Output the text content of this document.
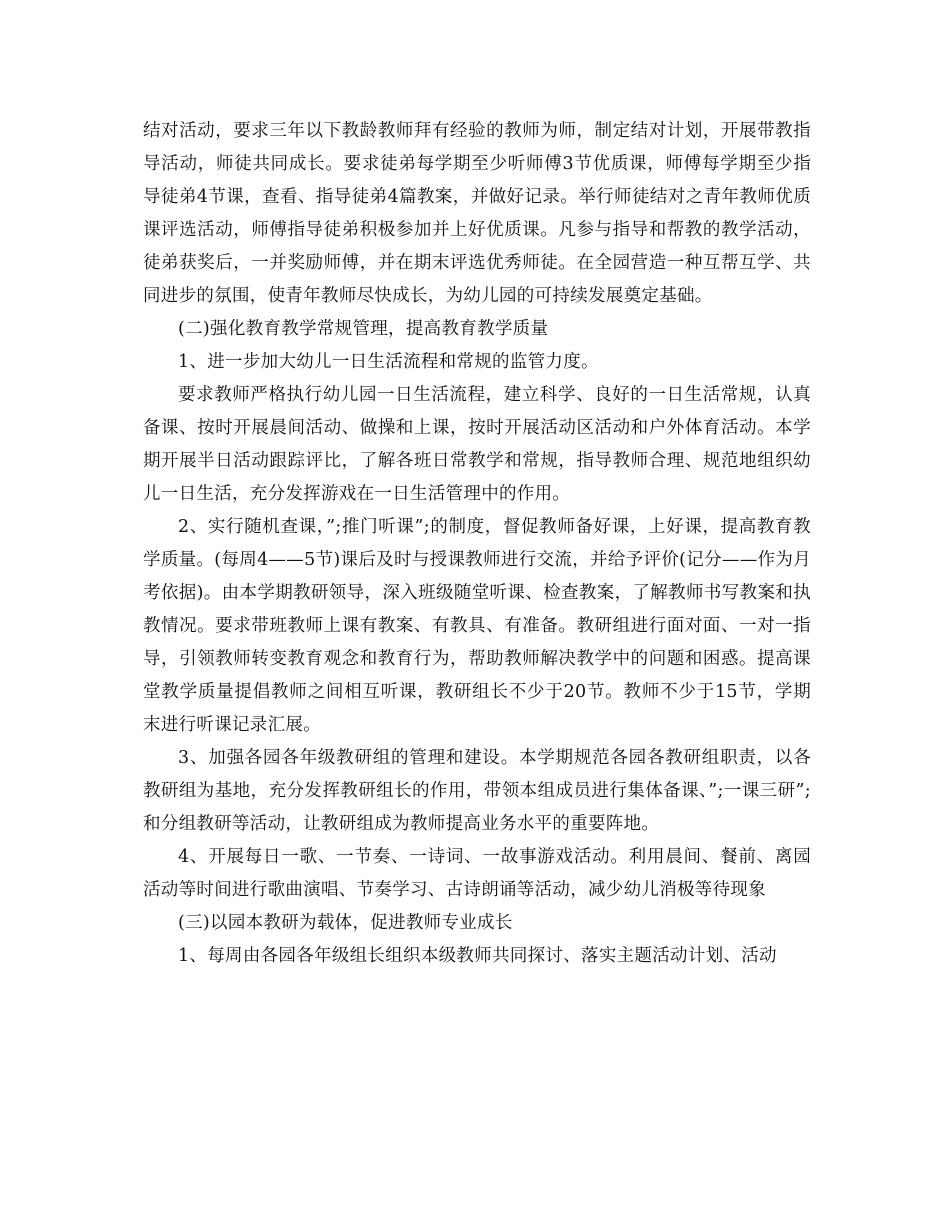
结对活动，要求三年以下教龄教师拜有经验的教师为师，制定结对计划，开展带教指导活动，师徒共同成长。要求徒弟每学期至少听师傅3节优质课，师傅每学期至少指导徒弟4节课，查看、指导徒弟4篇教案，并做好记录。举行师徒结对之青年教师优质课评选活动，师傅指导徒弟积极参加并上好优质课。凡参与指导和帮教的教学活动，徒弟获奖后，一并奖励师傅，并在期末评选优秀师徒。在全园营造一种互帮互学、共同进步的氛围，使青年教师尽快成长，为幼儿园的可持续发展奠定基础。

(二)强化教育教学常规管理，提高教育教学质量

1、进一步加大幼儿一日生活流程和常规的监管力度。

要求教师严格执行幼儿园一日生活流程，建立科学、良好的一日生活常规，认真备课、按时开展晨间活动、做操和上课，按时开展活动区活动和户外体育活动。本学期开展半日活动跟踪评比，了解各班日常教学和常规，指导教师合理、规范地组织幼儿一日生活，充分发挥游戏在一日生活管理中的作用。

2、实行随机查课，”;推门听课”;的制度，督促教师备好课，上好课，提高教育教学质量。(每周4——5节)课后及时与授课教师进行交流，并给予评价(记分——作为月考依据)。由本学期教研领导，深入班级随堂听课、检查教案，了解教师书写教案和执教情况。要求带班教师上课有教案、有教具、有准备。教研组进行面对面、一对一指导，引领教师转变教育观念和教育行为，帮助教师解决教学中的问题和困惑。提高课堂教学质量提倡教师之间相互听课，教研组长不少于20节。教师不少于15节，学期末进行听课记录汇展。

3、加强各园各年级教研组的管理和建设。本学期规范各园各教研组职责，以各教研组为基地，充分发挥教研组长的作用，带领本组成员进行集体备课、”;一课三研”;和分组教研等活动，让教研组成为教师提高业务水平的重要阵地。

4、开展每日一歌、一节奏、一诗词、一故事游戏活动。利用晨间、餐前、离园活动等时间进行歌曲演唱、节奏学习、古诗朗诵等活动，减少幼儿消极等待现象

(三)以园本教研为载体，促进教师专业成长

1、每周由各园各年级组长组织本级教师共同探讨、落实主题活动计划、活动
